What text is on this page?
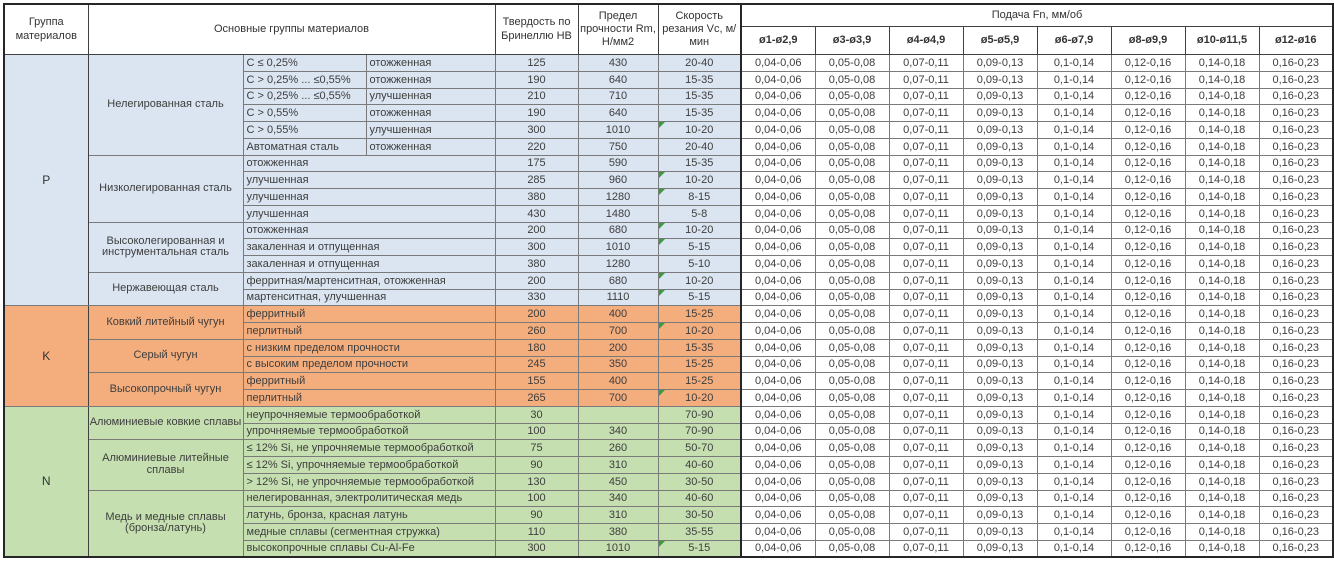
Группа материалов	Основные группы материалов			Твердость по Бринеллю НВ	Предел прочности Rm, Н/мм2	Скорость резания Vc, м/мин	Подача Fn, мм/об							
							ø1-ø2,9	ø3-ø3,9	ø4-ø4,9	ø5-ø5,9	ø6-ø7,9	ø8-ø9,9	ø10-ø11,5	ø12-ø16
P	Нелегированная сталь	C ≤ 0,25%	отожженная	125	430	20-40	0,04-0,06	0,05-0,08	0,07-0,11	0,09-0,13	0,1-0,14	0,12-0,16	0,14-0,18	0,16-0,23
		C > 0,25% ... ≤0,55%	отожженная	190	640	15-35	0,04-0,06	0,05-0,08	0,07-0,11	0,09-0,13	0,1-0,14	0,12-0,16	0,14-0,18	0,16-0,23
		C > 0,25% ... ≤0,55%	улучшенная	210	710	15-35	0,04-0,06	0,05-0,08	0,07-0,11	0,09-0,13	0,1-0,14	0,12-0,16	0,14-0,18	0,16-0,23
		C > 0,55%	отожженная	190	640	15-35	0,04-0,06	0,05-0,08	0,07-0,11	0,09-0,13	0,1-0,14	0,12-0,16	0,14-0,18	0,16-0,23
		C > 0,55%	улучшенная	300	1010	10-20	0,04-0,06	0,05-0,08	0,07-0,11	0,09-0,13	0,1-0,14	0,12-0,16	0,14-0,18	0,16-0,23
		Автоматная сталь	отожженная	220	750	20-40	0,04-0,06	0,05-0,08	0,07-0,11	0,09-0,13	0,1-0,14	0,12-0,16	0,14-0,18	0,16-0,23
	Низколегированная сталь	отожженная		175	590	15-35	0,04-0,06	0,05-0,08	0,07-0,11	0,09-0,13	0,1-0,14	0,12-0,16	0,14-0,18	0,16-0,23
		улучшенная		285	960	10-20	0,04-0,06	0,05-0,08	0,07-0,11	0,09-0,13	0,1-0,14	0,12-0,16	0,14-0,18	0,16-0,23
		улучшенная		380	1280	8-15	0,04-0,06	0,05-0,08	0,07-0,11	0,09-0,13	0,1-0,14	0,12-0,16	0,14-0,18	0,16-0,23
		улучшенная		430	1480	5-8	0,04-0,06	0,05-0,08	0,07-0,11	0,09-0,13	0,1-0,14	0,12-0,16	0,14-0,18	0,16-0,23
	Высоколегированная и инструментальная сталь	отожженная		200	680	10-20	0,04-0,06	0,05-0,08	0,07-0,11	0,09-0,13	0,1-0,14	0,12-0,16	0,14-0,18	0,16-0,23
		закаленная и отпущенная		300	1010	5-15	0,04-0,06	0,05-0,08	0,07-0,11	0,09-0,13	0,1-0,14	0,12-0,16	0,14-0,18	0,16-0,23
		закаленная и отпущенная		380	1280	5-10	0,04-0,06	0,05-0,08	0,07-0,11	0,09-0,13	0,1-0,14	0,12-0,16	0,14-0,18	0,16-0,23
	Нержавеющая сталь	ферритная/мартенситная, отожженная		200	680	10-20	0,04-0,06	0,05-0,08	0,07-0,11	0,09-0,13	0,1-0,14	0,12-0,16	0,14-0,18	0,16-0,23
		мартенситная, улучшенная		330	1110	5-15	0,04-0,06	0,05-0,08	0,07-0,11	0,09-0,13	0,1-0,14	0,12-0,16	0,14-0,18	0,16-0,23
K	Ковкий литейный чугун	ферритный		200	400	15-25	0,04-0,06	0,05-0,08	0,07-0,11	0,09-0,13	0,1-0,14	0,12-0,16	0,14-0,18	0,16-0,23
		перлитный		260	700	10-20	0,04-0,06	0,05-0,08	0,07-0,11	0,09-0,13	0,1-0,14	0,12-0,16	0,14-0,18	0,16-0,23
	Серый чугун	с низким пределом прочности		180	200	15-35	0,04-0,06	0,05-0,08	0,07-0,11	0,09-0,13	0,1-0,14	0,12-0,16	0,14-0,18	0,16-0,23
		с высоким пределом прочности		245	350	15-25	0,04-0,06	0,05-0,08	0,07-0,11	0,09-0,13	0,1-0,14	0,12-0,16	0,14-0,18	0,16-0,23
	Высокопрочный чугун	ферритный		155	400	15-25	0,04-0,06	0,05-0,08	0,07-0,11	0,09-0,13	0,1-0,14	0,12-0,16	0,14-0,18	0,16-0,23
		перлитный		265	700	10-20	0,04-0,06	0,05-0,08	0,07-0,11	0,09-0,13	0,1-0,14	0,12-0,16	0,14-0,18	0,16-0,23
N	Алюминиевые ковкие сплавы	неупрочняемые термообработкой		30		70-90	0,04-0,06	0,05-0,08	0,07-0,11	0,09-0,13	0,1-0,14	0,12-0,16	0,14-0,18	0,16-0,23
		упрочняемые термообработкой		100	340	70-90	0,04-0,06	0,05-0,08	0,07-0,11	0,09-0,13	0,1-0,14	0,12-0,16	0,14-0,18	0,16-0,23
	Алюминиевые литейные сплавы	≤ 12% Si, не упрочняемые термообработкой		75	260	50-70	0,04-0,06	0,05-0,08	0,07-0,11	0,09-0,13	0,1-0,14	0,12-0,16	0,14-0,18	0,16-0,23
		≤ 12% Si, упрочняемые термообработкой		90	310	40-60	0,04-0,06	0,05-0,08	0,07-0,11	0,09-0,13	0,1-0,14	0,12-0,16	0,14-0,18	0,16-0,23
		> 12% Si, не упрочняемые термообработкой		130	450	30-50	0,04-0,06	0,05-0,08	0,07-0,11	0,09-0,13	0,1-0,14	0,12-0,16	0,14-0,18	0,16-0,23
	Медь и медные сплавы (бронза/латунь)	нелегированная, электролитическая медь		100	340	40-60	0,04-0,06	0,05-0,08	0,07-0,11	0,09-0,13	0,1-0,14	0,12-0,16	0,14-0,18	0,16-0,23
		латунь, бронза, красная латунь		90	310	30-50	0,04-0,06	0,05-0,08	0,07-0,11	0,09-0,13	0,1-0,14	0,12-0,16	0,14-0,18	0,16-0,23
		медные сплавы (сегментная стружка)		110	380	35-55	0,04-0,06	0,05-0,08	0,07-0,11	0,09-0,13	0,1-0,14	0,12-0,16	0,14-0,18	0,16-0,23
		высокопрочные сплавы Cu-Al-Fe		300	1010	5-15	0,04-0,06	0,05-0,08	0,07-0,11	0,09-0,13	0,1-0,14	0,12-0,16	0,14-0,18	0,16-0,23
